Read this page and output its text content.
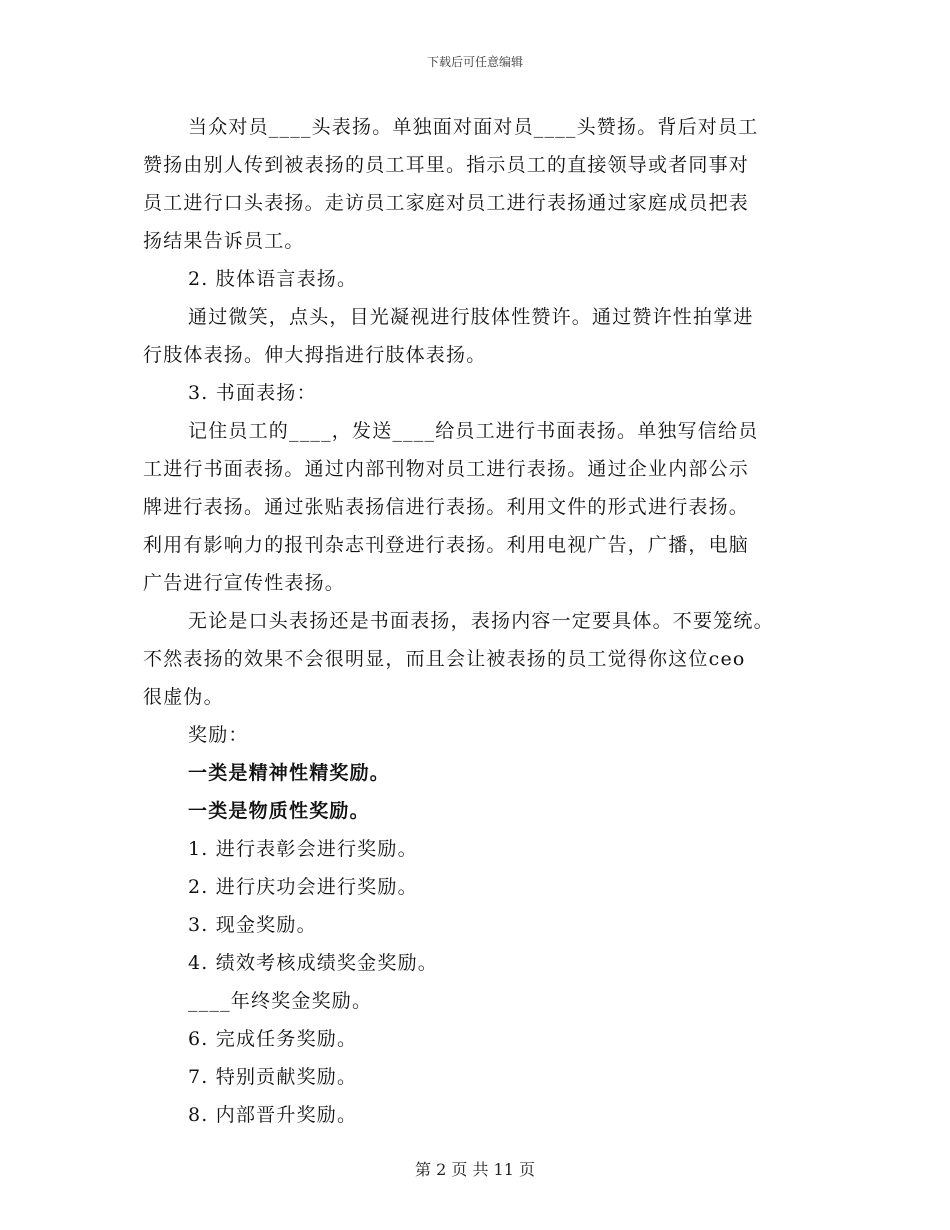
下载后可任意编辑

当众对员____头表扬。单独面对面对员____头赞扬。背后对员工

赞扬由别人传到被表扬的员工耳里。指示员工的直接领导或者同事对

员工进行口头表扬。走访员工家庭对员工进行表扬通过家庭成员把表

扬结果告诉员工。

2. 肢体语言表扬。

通过微笑，点头，目光凝视进行肢体性赞许。通过赞许性拍掌进

行肢体表扬。伸大拇指进行肢体表扬。

3. 书面表扬：

记住员工的____，发送____给员工进行书面表扬。单独写信给员

工进行书面表扬。通过内部刊物对员工进行表扬。通过企业内部公示

牌进行表扬。通过张贴表扬信进行表扬。利用文件的形式进行表扬。

利用有影响力的报刊杂志刊登进行表扬。利用电视广告，广播，电脑

广告进行宣传性表扬。

无论是口头表扬还是书面表扬，表扬内容一定要具体。不要笼统。

不然表扬的效果不会很明显，而且会让被表扬的员工觉得你这位ceo

很虚伪。

奖励：

一类是精神性精奖励。

一类是物质性奖励。

1. 进行表彰会进行奖励。

2. 进行庆功会进行奖励。

3. 现金奖励。

4. 绩效考核成绩奖金奖励。

____年终奖金奖励。

6. 完成任务奖励。

7. 特别贡献奖励。

8. 内部晋升奖励。

第 2 页 共 11 页
